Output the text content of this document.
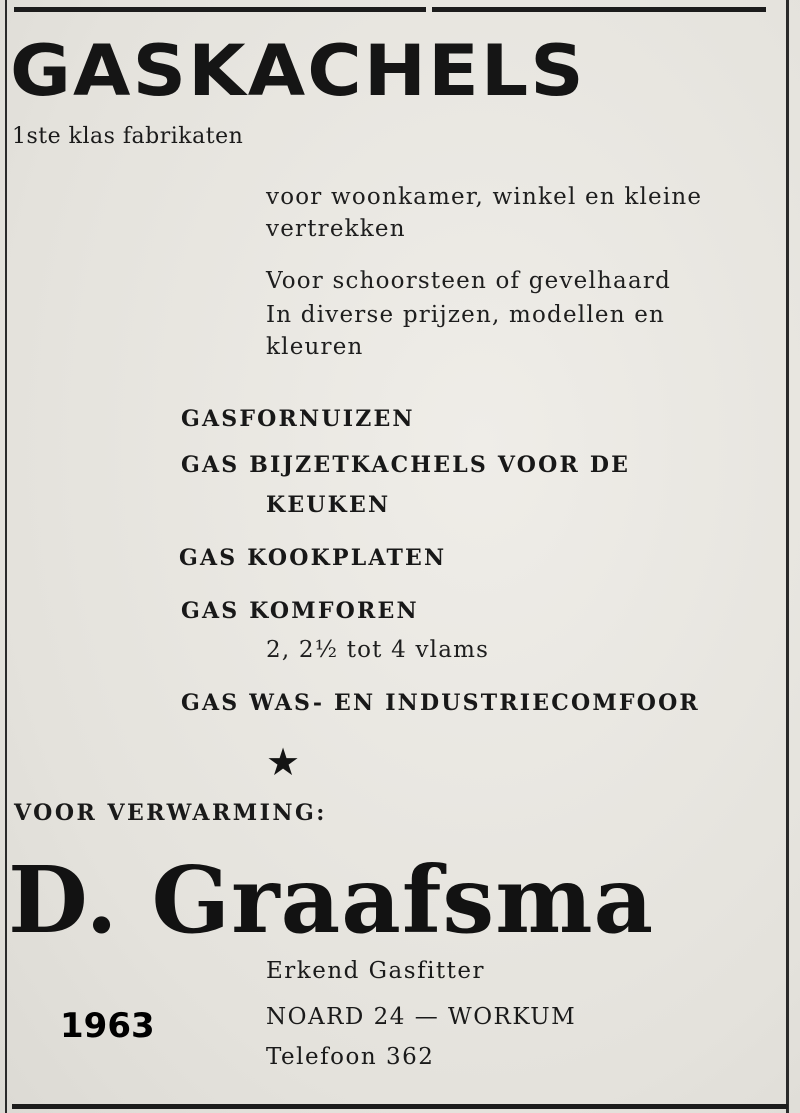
GASKACHELS
1ste klas fabrikaten
voor woonkamer, winkel en kleine
vertrekken
Voor schoorsteen of gevelhaard
In diverse prijzen, modellen en
kleuren
GASFORNUIZEN
GAS BIJZETKACHELS VOOR DE
KEUKEN
GAS KOOKPLATEN
GAS KOMFOREN
2, 2½ tot 4 vlams
GAS WAS- EN INDUSTRIECOMFOOR
★
VOOR VERWARMING:
D. Graafsma
Erkend Gasfitter
NOARD 24 — WORKUM
Telefoon 362
1963
